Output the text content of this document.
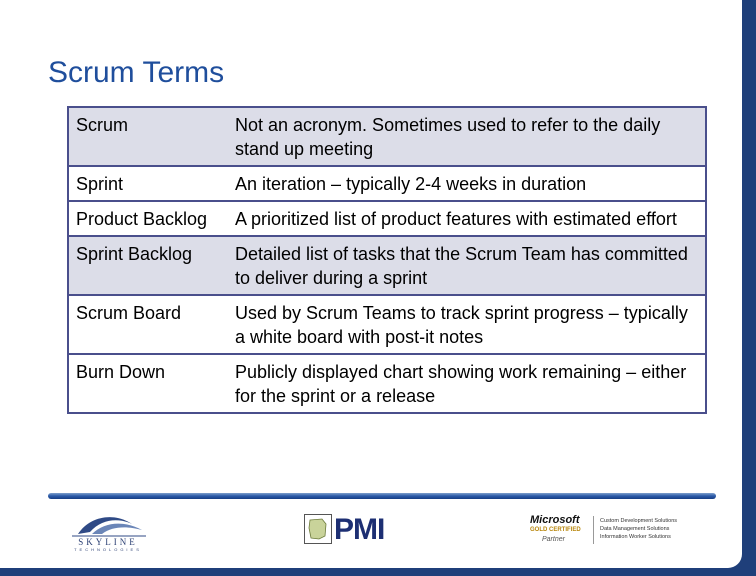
Scrum Terms
Scrum	Not an acronym. Sometimes used to refer to the daily stand up meeting
Sprint	An iteration – typically 2-4 weeks in duration
Product Backlog	A prioritized list of product features with estimated effort
Sprint Backlog	Detailed list of tasks that the Scrum Team has committed to deliver during a sprint
Scrum Board	Used by Scrum Teams to track sprint progress – typically a white board with post-it notes
Burn Down	Publicly displayed chart showing work remaining – either for the sprint or a release
SKYLINE
TECHNOLOGIES
PMI	Microsoft
GOLD CERTIFIED
Partner
Custom Development Solutions
Data Management Solutions
Information Worker Solutions
